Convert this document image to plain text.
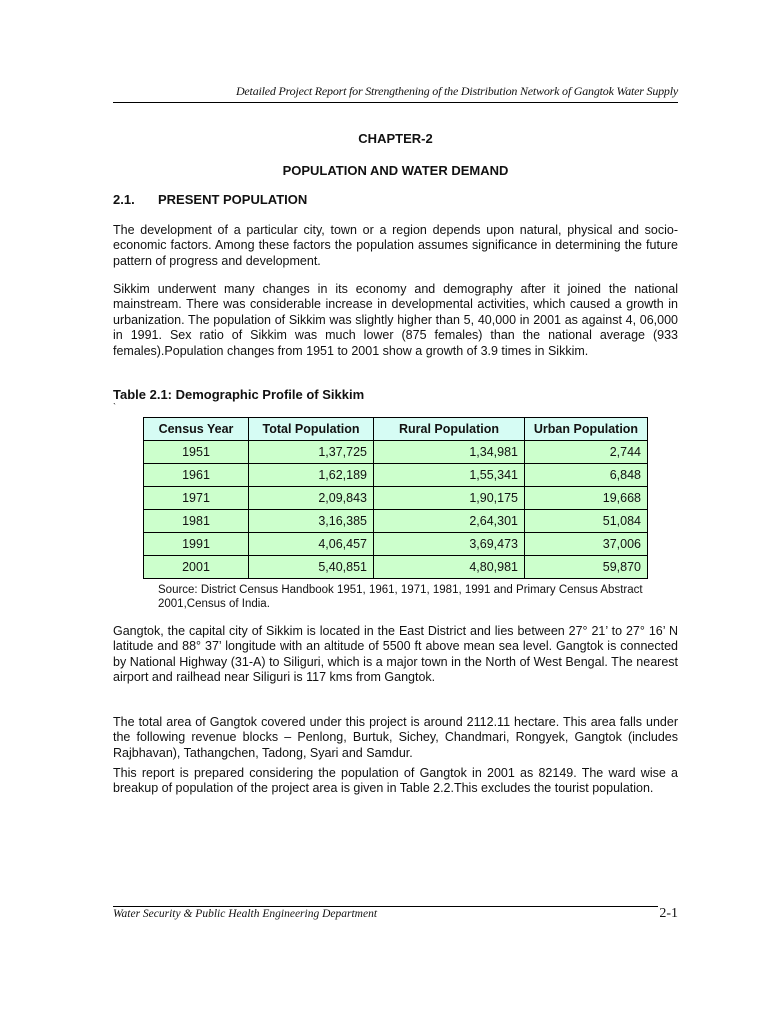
Detailed Project Report for Strengthening of the Distribution Network of Gangtok Water Supply
CHAPTER-2
POPULATION AND WATER DEMAND
2.1. PRESENT POPULATION

The development of a particular city, town or a region depends upon natural, physical and socio-economic factors. Among these factors the population assumes significance in determining the future pattern of progress and development.

Sikkim underwent many changes in its economy and demography after it joined the national mainstream. There was considerable increase in developmental activities, which caused a growth in urbanization. The population of Sikkim was slightly higher than 5, 40,000 in 2001 as against 4, 06,000 in 1991. Sex ratio of Sikkim was much lower (875 females) than the national average (933 females).Population changes from 1951 to 2001 show a growth of 3.9 times in Sikkim.

Table 2.1: Demographic Profile of Sikkim
`
Census Year	Total Population	Rural Population	Urban Population
1951	1,37,725	1,34,981	2,744
1961	1,62,189	1,55,341	6,848
1971	2,09,843	1,90,175	19,668
1981	3,16,385	2,64,301	51,084
1991	4,06,457	3,69,473	37,006
2001	5,40,851	4,80,981	59,870
Source: District Census Handbook 1951, 1961, 1971, 1981, 1991 and Primary Census Abstract 2001,Census of India.

Gangtok, the capital city of Sikkim is located in the East District and lies between 27° 21’ to 27° 16’ N latitude and 88° 37’ longitude with an altitude of 5500 ft above mean sea level. Gangtok is connected by National Highway (31-A) to Siliguri, which is a major town in the North of West Bengal. The nearest airport and railhead near Siliguri is 117 kms from Gangtok.

The total area of Gangtok covered under this project is around 2112.11 hectare. This area falls under the following revenue blocks – Penlong, Burtuk, Sichey, Chandmari, Rongyek, Gangtok (includes Rajbhavan), Tathangchen, Tadong, Syari and Samdur.

This report is prepared considering the population of Gangtok in 2001 as 82149. The ward wise a breakup of population of the project area is given in Table 2.2.This excludes the tourist population.

Water Security & Public Health Engineering Department	2-1
